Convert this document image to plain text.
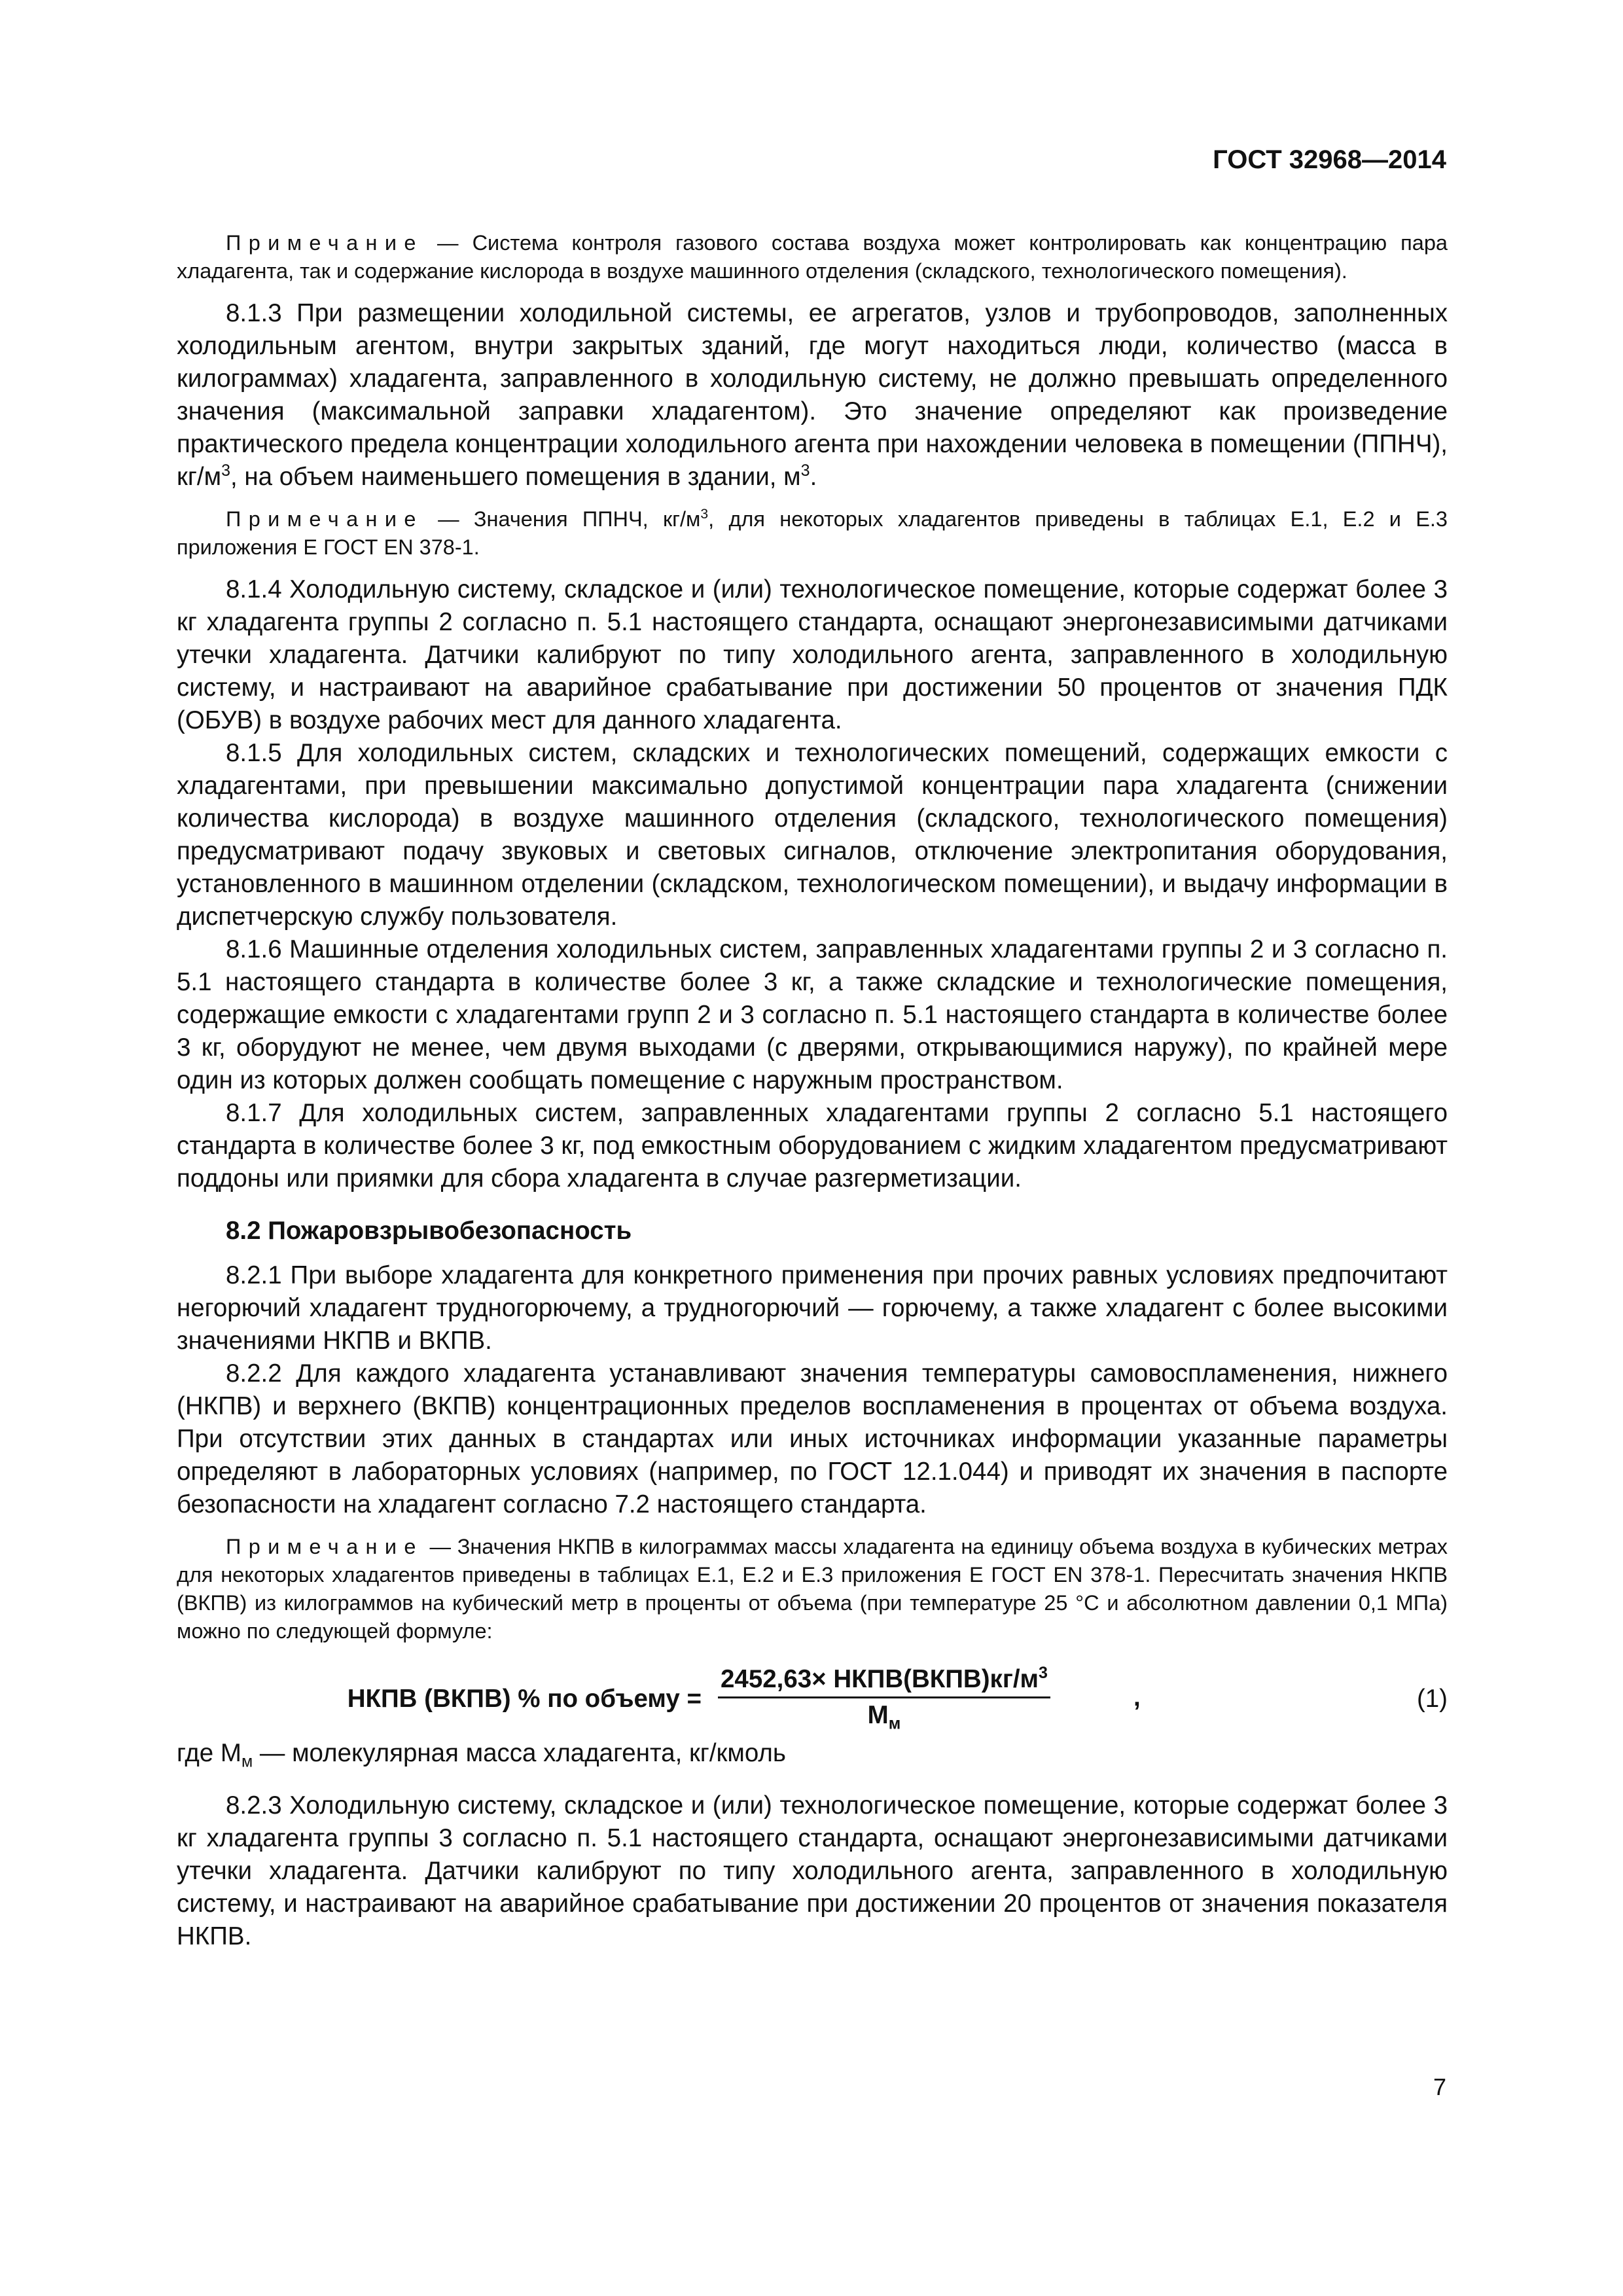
ГОСТ 32968—2014

Примечание — Система контроля газового состава воздуха может контролировать как концентрацию пара хладагента, так и содержание кислорода в воздухе машинного отделения (складского, технологического помещения).

8.1.3 При размещении холодильной системы, ее агрегатов, узлов и трубопроводов, заполненных холодильным агентом, внутри закрытых зданий, где могут находиться люди, количество (масса в килограммах) хладагента, заправленного в холодильную систему, не должно превышать определенного значения (максимальной заправки хладагентом). Это значение определяют как произведение практического предела концентрации холодильного агента при нахождении человека в помещении (ППНЧ), $кг/м^3$, на объем наименьшего помещения в здании, $м^3$.

Примечание — Значения ППНЧ, $кг/м^3$, для некоторых хладагентов приведены в таблицах Е.1, Е.2 и Е.3 приложения Е ГОСТ EN 378-1.

8.1.4 Холодильную систему, складское и (или) технологическое помещение, которые содержат более 3 кг хладагента группы 2 согласно п. 5.1 настоящего стандарта, оснащают энергонезависимыми датчиками утечки хладагента. Датчики калибруют по типу холодильного агента, заправленного в холодильную систему, и настраивают на аварийное срабатывание при достижении 50 процентов от значения ПДК (ОБУВ) в воздухе рабочих мест для данного хладагента.

8.1.5 Для холодильных систем, складских и технологических помещений, содержащих емкости с хладагентами, при превышении максимально допустимой концентрации пара хладагента (снижении количества кислорода) в воздухе машинного отделения (складского, технологического помещения) предусматривают подачу звуковых и световых сигналов, отключение электропитания оборудования, установленного в машинном отделении (складском, технологическом помещении), и выдачу информации в диспетчерскую службу пользователя.

8.1.6 Машинные отделения холодильных систем, заправленных хладагентами группы 2 и 3 согласно п. 5.1 настоящего стандарта в количестве более 3 кг, а также складские и технологические помещения, содержащие емкости с хладагентами групп 2 и 3 согласно п. 5.1 настоящего стандарта в количестве более 3 кг, оборудуют не менее, чем двумя выходами (с дверями, открывающимися наружу), по крайней мере один из которых должен сообщать помещение с наружным пространством.

8.1.7 Для холодильных систем, заправленных хладагентами группы 2 согласно 5.1 настоящего стандарта в количестве более 3 кг, под емкостным оборудованием с жидким хладагентом предусматривают поддоны или приямки для сбора хладагента в случае разгерметизации.

8.2 Пожаровзрывобезопасность

8.2.1 При выборе хладагента для конкретного применения при прочих равных условиях предпочитают негорючий хладагент трудногорючему, а трудногорючий — горючему, а также хладагент с более высокими значениями НКПВ и ВКПВ.

8.2.2 Для каждого хладагента устанавливают значения температуры самовоспламенения, нижнего (НКПВ) и верхнего (ВКПВ) концентрационных пределов воспламенения в процентах от объема воздуха. При отсутствии этих данных в стандартах или иных источниках информации указанные параметры определяют в лабораторных условиях (например, по ГОСТ 12.1.044) и приводят их значения в паспорте безопасности на хладагент согласно 7.2 настоящего стандарта.

Примечание — Значения НКПВ в килограммах массы хладагента на единицу объема воздуха в кубических метрах для некоторых хладагентов приведены в таблицах Е.1, Е.2 и Е.3 приложения Е ГОСТ EN 378-1. Пересчитать значения НКПВ (ВКПВ) из килограммов на кубический метр в проценты от объема (при температуре 25 °С и абсолютном давлении 0,1 МПа) можно по следующей формуле:

НКПВ (ВКПВ) % по объему =
$2452,63\times НКПВ(ВКПВ)кг/м^3$
$М_м$
,	(1)

где $М_м$ — молекулярная масса хладагента, кг/кмоль

8.2.3 Холодильную систему, складское и (или) технологическое помещение, которые содержат более 3 кг хладагента группы 3 согласно п. 5.1 настоящего стандарта, оснащают энергонезависимыми датчиками утечки хладагента. Датчики калибруют по типу холодильного агента, заправленного в холодильную систему, и настраивают на аварийное срабатывание при достижении 20 процентов от значения показателя НКПВ.

7
